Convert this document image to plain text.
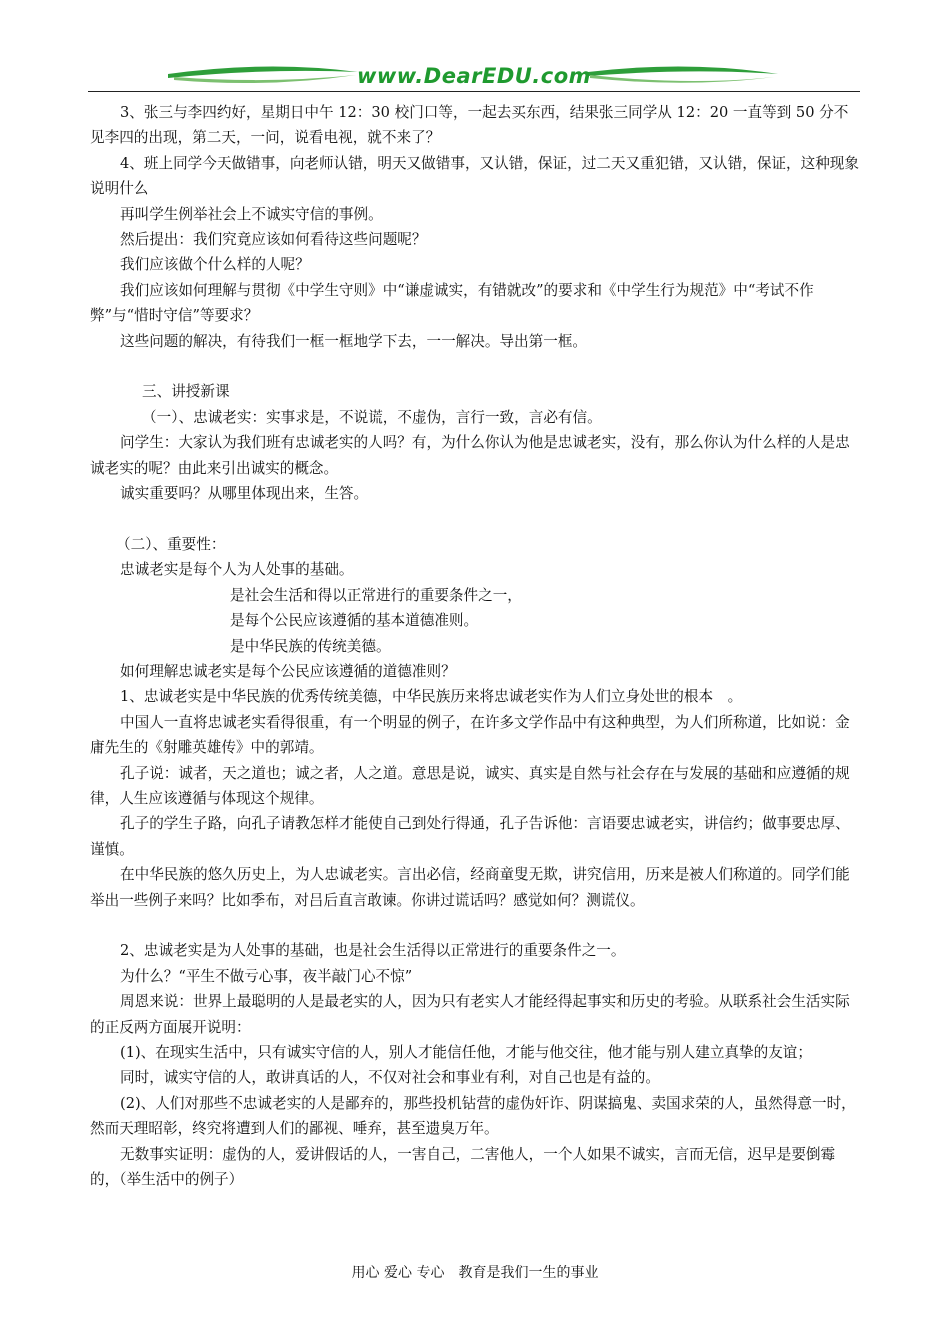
www.DearEDU.com

3、张三与李四约好，星期日中午 12：30 校门口等，一起去买东西，结果张三同学从 12：20 一直等到 50 分不见李四的出现，第二天，一问，说看电视，就不来了？

4、班上同学今天做错事，向老师认错，明天又做错事，又认错，保证，过二天又重犯错，又认错，保证，这种现象说明什么

再叫学生例举社会上不诚实守信的事例。

然后提出：我们究竟应该如何看待这些问题呢？

我们应该做个什么样的人呢？

我们应该如何理解与贯彻《中学生守则》中“谦虚诚实，有错就改”的要求和《中学生行为规范》中“考试不作弊”与“惜时守信”等要求？

这些问题的解决，有待我们一框一框地学下去，一一解决。导出第一框。

三、讲授新课

（一）、忠诚老实：实事求是，不说谎，不虚伪，言行一致，言必有信。

问学生：大家认为我们班有忠诚老实的人吗？有，为什么你认为他是忠诚老实，没有，那么你认为什么样的人是忠诚老实的呢？由此来引出诚实的概念。

诚实重要吗？从哪里体现出来，生答。

（二）、重要性：

忠诚老实是每个人为人处事的基础。

是社会生活和得以正常进行的重要条件之一，

是每个公民应该遵循的基本道德准则。

是中华民族的传统美德。

如何理解忠诚老实是每个公民应该遵循的道德准则？

1、忠诚老实是中华民族的优秀传统美德，中华民族历来将忠诚老实作为人们立身处世的根本　。

中国人一直将忠诚老实看得很重，有一个明显的例子，在许多文学作品中有这种典型，为人们所称道，比如说：金庸先生的《射雕英雄传》中的郭靖。

孔子说：诚者，天之道也；诚之者，人之道。意思是说，诚实、真实是自然与社会存在与发展的基础和应遵循的规律，人生应该遵循与体现这个规律。

孔子的学生子路，向孔子请教怎样才能使自己到处行得通，孔子告诉他：言语要忠诚老实，讲信约；做事要忠厚、谨慎。

在中华民族的悠久历史上，为人忠诚老实。言出必信，经商童叟无欺，讲究信用，历来是被人们称道的。同学们能举出一些例子来吗？比如季布，对吕后直言敢谏。你讲过谎话吗？感觉如何？测谎仪。

2、忠诚老实是为人处事的基础，也是社会生活得以正常进行的重要条件之一。

为什么？“平生不做亏心事，夜半敲门心不惊”

周恩来说：世界上最聪明的人是最老实的人，因为只有老实人才能经得起事实和历史的考验。从联系社会生活实际的正反两方面展开说明：

(1)、在现实生活中，只有诚实守信的人，别人才能信任他，才能与他交往，他才能与别人建立真挚的友谊；

同时，诚实守信的人，敢讲真话的人，不仅对社会和事业有利，对自己也是有益的。

(2)、人们对那些不忠诚老实的人是鄙弃的，那些投机钻营的虚伪奸诈、阴谋搞鬼、卖国求荣的人，虽然得意一时，然而天理昭彰，终究将遭到人们的鄙视、唾弃，甚至遗臭万年。

无数事实证明：虚伪的人，爱讲假话的人，一害自己，二害他人，一个人如果不诚实，言而无信，迟早是要倒霉的，（举生活中的例子）

用心 爱心 专心　教育是我们一生的事业
